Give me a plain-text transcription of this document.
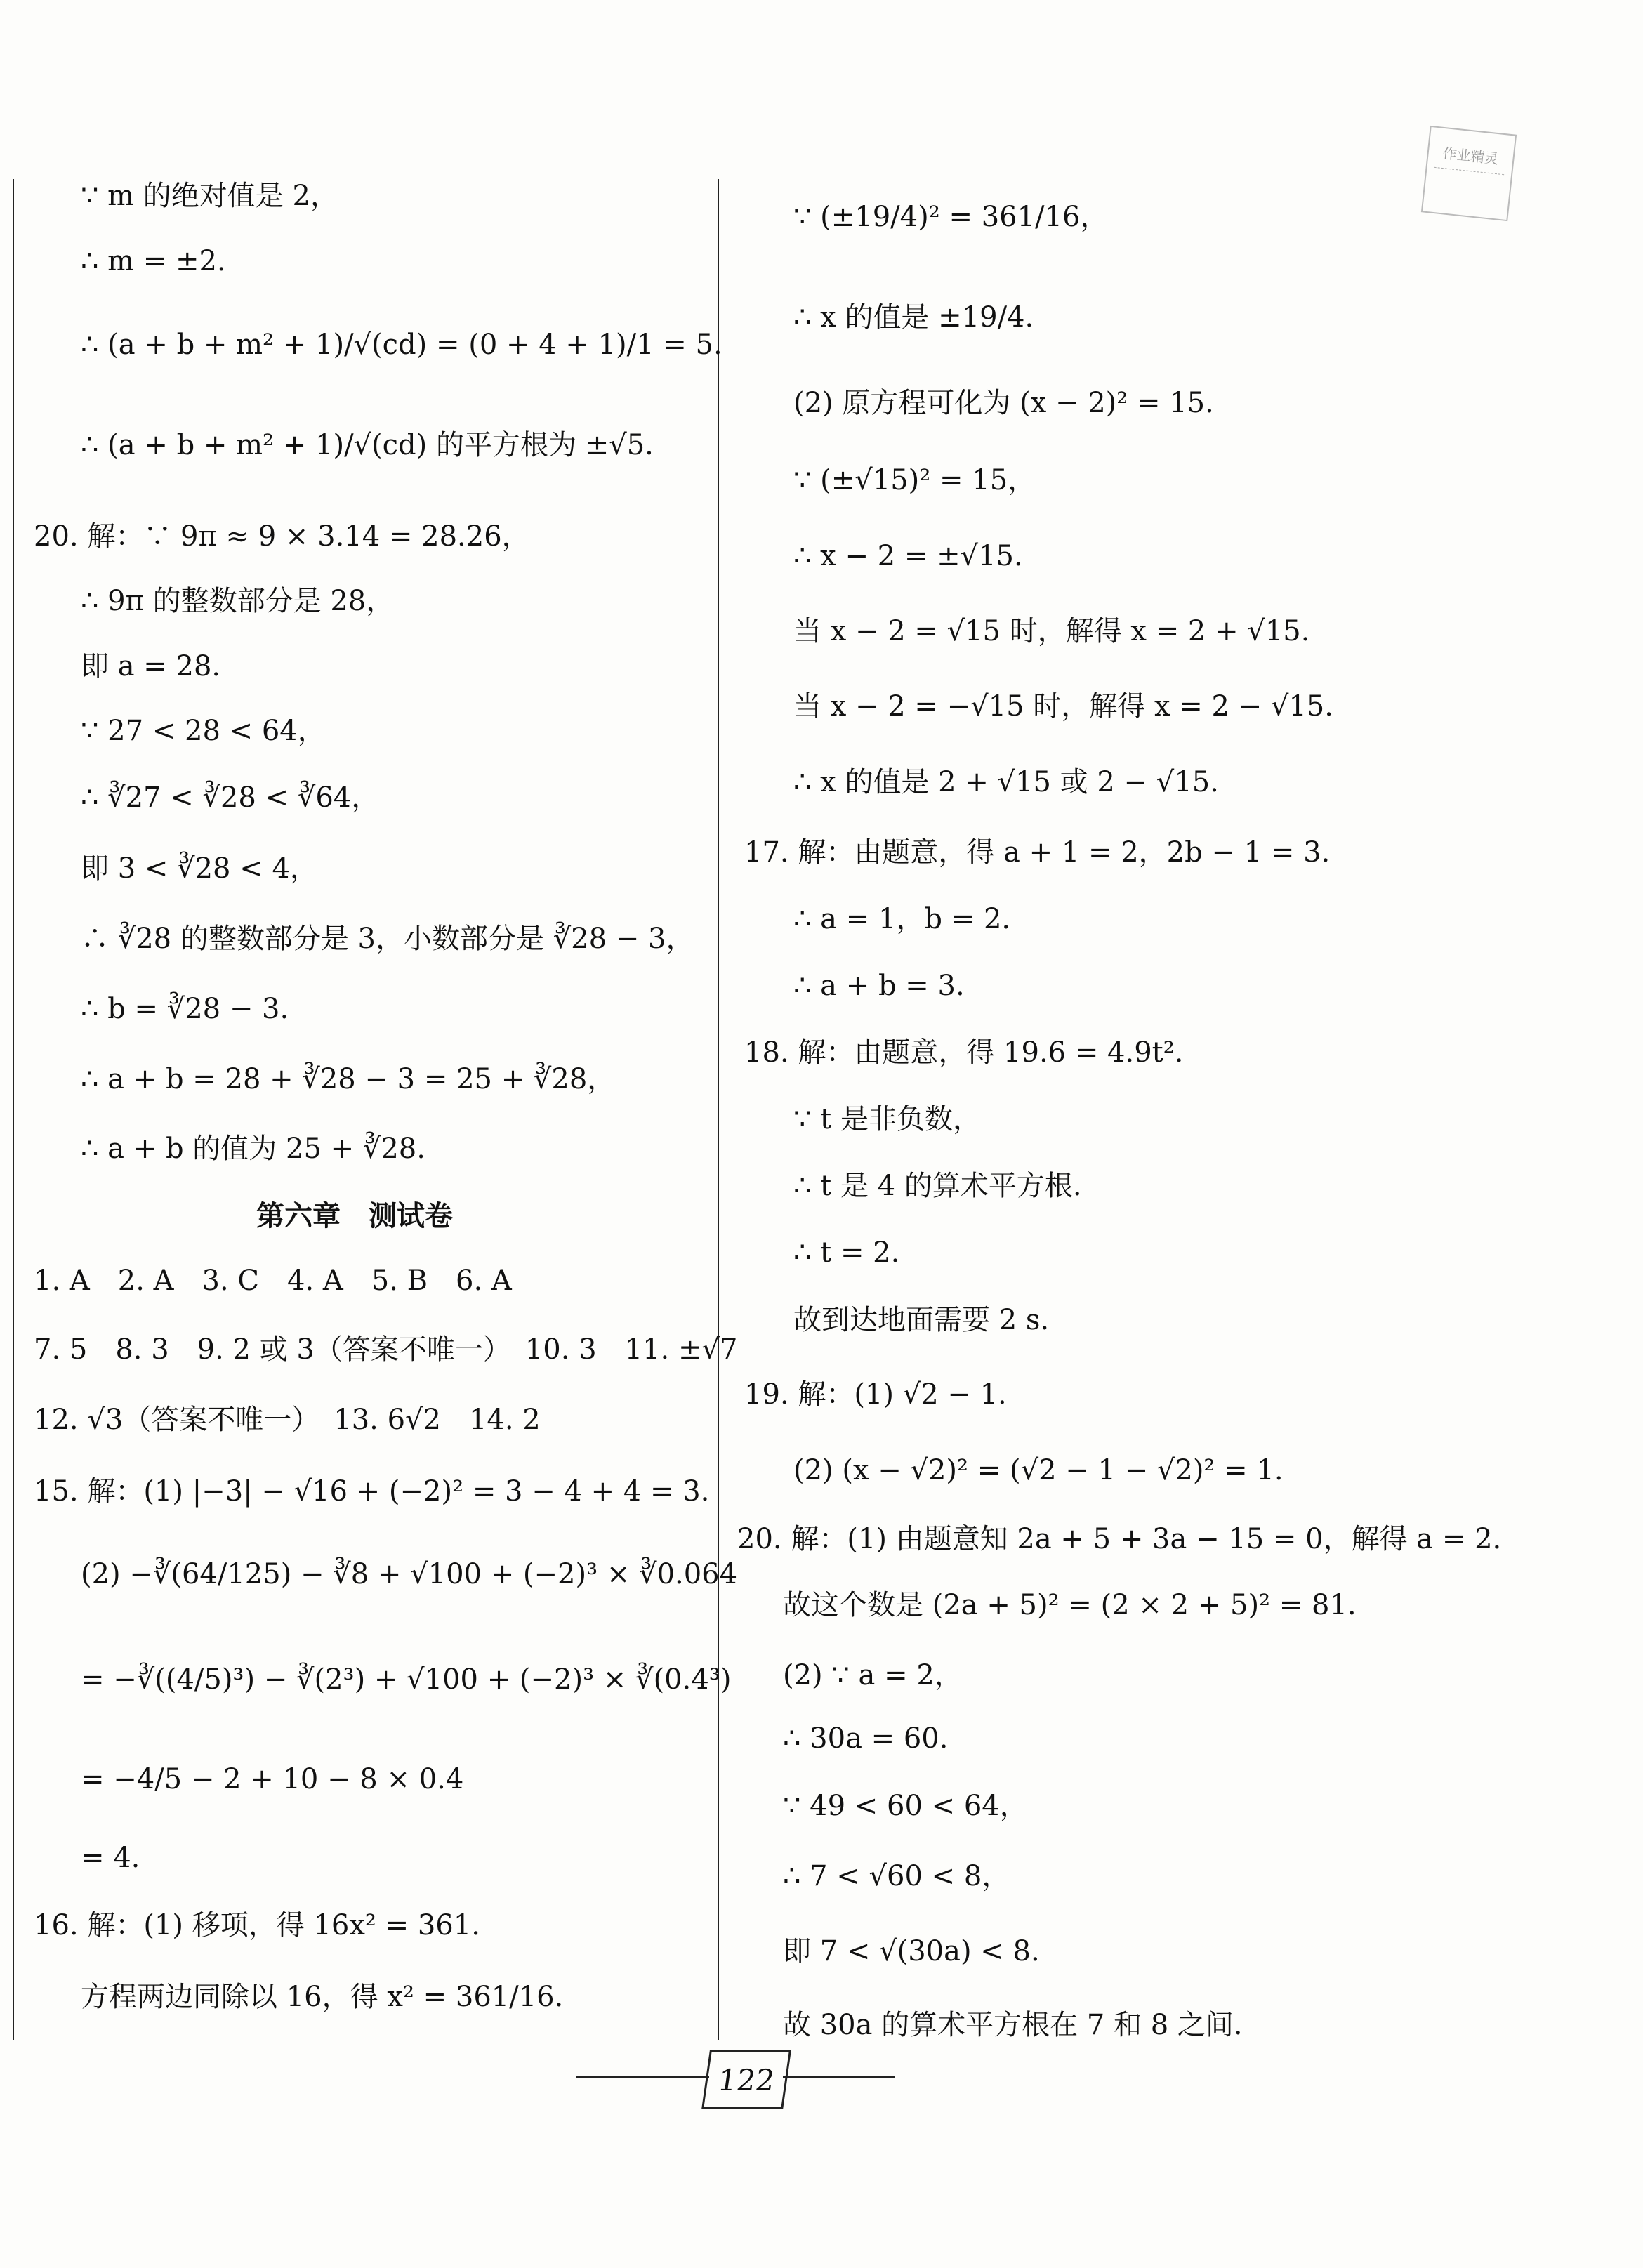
作业精灵
∵ m 的绝对值是 2，
∴ m = ±2.
∴ (a + b + m² + 1)/√(cd) = (0 + 4 + 1)/1 = 5.
∴ (a + b + m² + 1)/√(cd) 的平方根为 ±√5.
20. 解：∵ 9π ≈ 9 × 3.14 = 28.26，
∴ 9π 的整数部分是 28，
即 a = 28.
∵ 27 < 28 < 64，
∴ ∛27 < ∛28 < ∛64，
即 3 < ∛28 < 4，
∴ ∛28 的整数部分是 3，小数部分是 ∛28 − 3，
∴ b = ∛28 − 3.
∴ a + b = 28 + ∛28 − 3 = 25 + ∛28，
∴ a + b 的值为 25 + ∛28.
第六章　测试卷
1. A　2. A　3. C　4. A　5. B　6. A
7. 5　8. 3　9. 2 或 3（答案不唯一）　10. 3　11. ±√7
12. √3（答案不唯一）　13. 6√2　14. 2
15. 解：(1) |−3| − √16 + (−2)² = 3 − 4 + 4 = 3.
(2) −∛(64/125) − ∛8 + √100 + (−2)³ × ∛0.064
= −∛((4/5)³) − ∛(2³) + √100 + (−2)³ × ∛(0.4³)
= −4/5 − 2 + 10 − 8 × 0.4
= 4.
16. 解：(1) 移项，得 16x² = 361.
方程两边同除以 16，得 x² = 361/16.
∵ (±19/4)² = 361/16，
∴ x 的值是 ±19/4.
(2) 原方程可化为 (x − 2)² = 15.
∵ (±√15)² = 15，
∴ x − 2 = ±√15.
当 x − 2 = √15 时，解得 x = 2 + √15.
当 x − 2 = −√15 时，解得 x = 2 − √15.
∴ x 的值是 2 + √15 或 2 − √15.
17. 解：由题意，得 a + 1 = 2，2b − 1 = 3.
∴ a = 1，b = 2.
∴ a + b = 3.
18. 解：由题意，得 19.6 = 4.9t².
∵ t 是非负数，
∴ t 是 4 的算术平方根.
∴ t = 2.
故到达地面需要 2 s.
19. 解：(1) √2 − 1.
(2) (x − √2)² = (√2 − 1 − √2)² = 1.
20. 解：(1) 由题意知 2a + 5 + 3a − 15 = 0，解得 a = 2.
故这个数是 (2a + 5)² = (2 × 2 + 5)² = 81.
(2) ∵ a = 2，
∴ 30a = 60.
∵ 49 < 60 < 64，
∴ 7 < √60 < 8，
即 7 < √(30a) < 8.
故 30a 的算术平方根在 7 和 8 之间.
122
